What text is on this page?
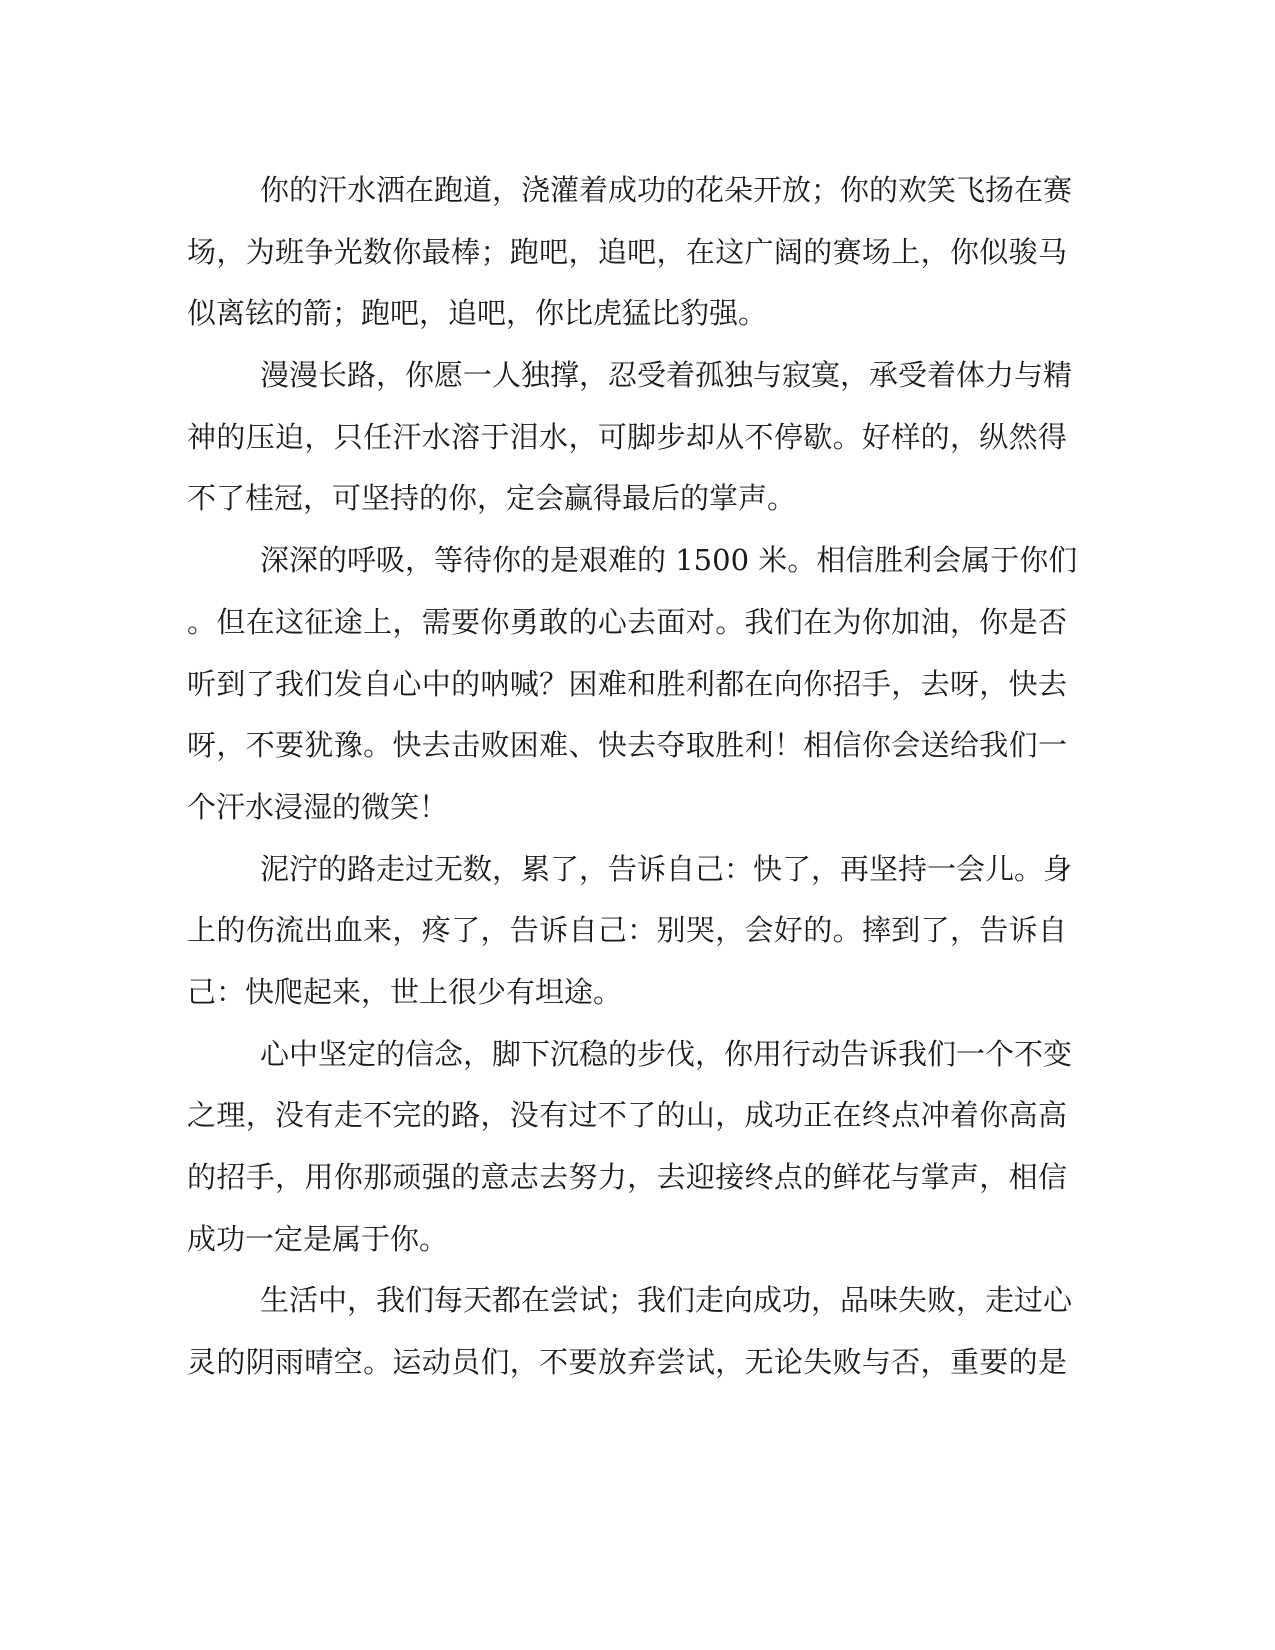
你的汗水洒在跑道，浇灌着成功的花朵开放；你的欢笑飞扬在赛
场，为班争光数你最棒；跑吧，追吧，在这广阔的赛场上，你似骏马
似离铉的箭；跑吧，追吧，你比虎猛比豹强。
漫漫长路，你愿一人独撑，忍受着孤独与寂寞，承受着体力与精
神的压迫，只任汗水溶于泪水，可脚步却从不停歇。好样的，纵然得
不了桂冠，可坚持的你，定会赢得最后的掌声。
深深的呼吸，等待你的是艰难的 1500 米。相信胜利会属于你们
。但在这征途上，需要你勇敢的心去面对。我们在为你加油，你是否
听到了我们发自心中的呐喊？困难和胜利都在向你招手，去呀，快去
呀，不要犹豫。快去击败困难、快去夺取胜利！相信你会送给我们一
个汗水浸湿的微笑！
泥泞的路走过无数，累了，告诉自己：快了，再坚持一会儿。身
上的伤流出血来，疼了，告诉自己：别哭，会好的。摔到了，告诉自
己：快爬起来，世上很少有坦途。
心中坚定的信念，脚下沉稳的步伐，你用行动告诉我们一个不变
之理，没有走不完的路，没有过不了的山，成功正在终点冲着你高高
的招手，用你那顽强的意志去努力，去迎接终点的鲜花与掌声，相信
成功一定是属于你。
生活中，我们每天都在尝试；我们走向成功，品味失败，走过心
灵的阴雨晴空。运动员们，不要放弃尝试，无论失败与否，重要的是
